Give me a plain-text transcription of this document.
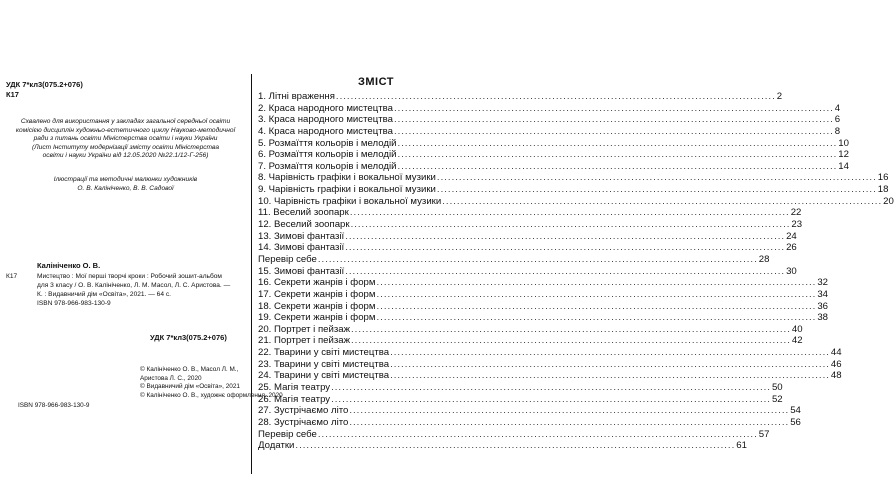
УДК 7*кл3(075.2+076)
К17
Схвалено для використання у закладах загальної середньої освіти
комісією дисциплін художньо-естетичного циклу Науково-методичної
ради з питань освіти Міністерства освіти і науки України
(Лист Інституту модернізації змісту освіти Міністерства
освіти і науки України від 12.05.2020 №22.1/12-Г-256)
Ілюстрації та методичні малюнки художників
О. В. Калініченко, В. В. Садової
Калініченко О. В.
К17	Мистецтво : Мої перші творчі кроки : Робочий зошит-альбом
для 3 класу / О. В. Калініченко, Л. М. Масол, Л. С. Аристова. —
К. : Видавничий дім «Освіта», 2021. — 64 с.
ISBN 978-966-983-130-9
УДК 7*кл3(075.2+076)
© Калініченко О. В., Масол Л. М.,
Аристова Л. С., 2020
© Видавничий дім «Освіта», 2021
© Калініченко О. В., художнє оформлення, 2020
ISBN 978-966-983-130-9
ЗМІСТ
1. Літні враження ........................................................................................................................ 2
2. Краса народного мистецтва ........................................................................................................................ 4
3. Краса народного мистецтва ........................................................................................................................ 6
4. Краса народного мистецтва ........................................................................................................................ 8
5. Розмаїття кольорів і мелодій ........................................................................................................................ 10
6. Розмаїття кольорів і мелодій ........................................................................................................................ 12
7. Розмаїття кольорів і мелодій ........................................................................................................................ 14
8. Чарівність графіки і вокальної музики ........................................................................................................................ 16
9. Чарівність графіки і вокальної музики ........................................................................................................................ 18
10. Чарівність графіки і вокальної музики ........................................................................................................................ 20
11. Веселий зоопарк ........................................................................................................................ 22
12. Веселий зоопарк ........................................................................................................................ 23
13. Зимові фантазії ........................................................................................................................ 24
14. Зимові фантазії ........................................................................................................................ 26
Перевір себе ........................................................................................................................ 28
15. Зимові фантазії ........................................................................................................................ 30
16. Секрети жанрів і форм ........................................................................................................................ 32
17. Секрети жанрів і форм ........................................................................................................................ 34
18. Секрети жанрів і форм ........................................................................................................................ 36
19. Секрети жанрів і форм ........................................................................................................................ 38
20. Портрет і пейзаж ........................................................................................................................ 40
21. Портрет і пейзаж ........................................................................................................................ 42
22. Тварини у світі мистецтва ........................................................................................................................ 44
23. Тварини у світі мистецтва ........................................................................................................................ 46
24. Тварини у світі мистецтва ........................................................................................................................ 48
25. Магія театру ........................................................................................................................ 50
26. Магія театру ........................................................................................................................ 52
27. Зустрічаємо літо ........................................................................................................................ 54
28. Зустрічаємо літо ........................................................................................................................ 56
Перевір себе ........................................................................................................................ 57
Додатки ........................................................................................................................ 61
